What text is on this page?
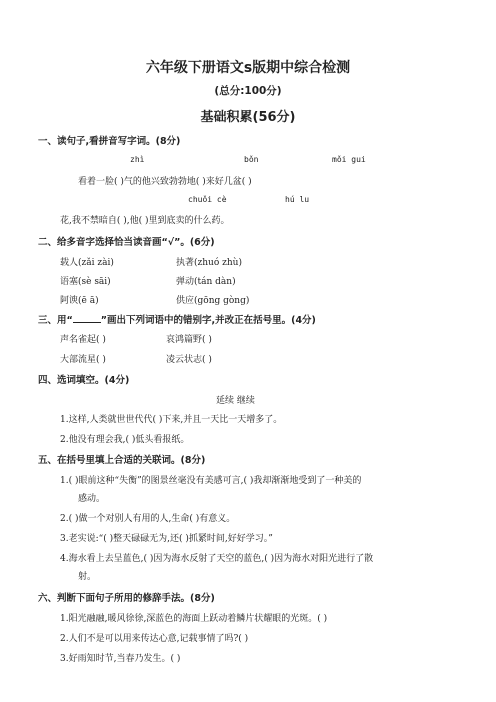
六年级下册语文s版期中综合检测
(总分:100分)
基础积累(56分)
一、读句子,看拼音写字词。(8分)
zhì	bǒn	mǒi gui
看着一脸( )气的他兴致勃勃地( )来好几盆( )
chuǒi cè	hú lu
花,我不禁暗自( ),他( )里到底卖的什么药。
二、给多音字选择恰当读音画“√”。(6分)
载人(zǎi zài)	执著(zhuó zhù)
语塞(sè sāi)	弹动(tán dàn)
阿谀(ē ā)	供应(gōng gòng)
三、用“	”画出下列词语中的错别字,并改正在括号里。(4分)
声名雀起( )	哀鸿篇野( )
大部流星( )	凌云状志( )
四、选词填空。(4分)
延续 继续
1.这样,人类就世世代代( )下来,并且一天比一天增多了。
2.他没有理会我,( )低头看报纸。
五、在括号里填上合适的关联词。(8分)
1.( )眼前这种“失衡”的图景丝毫没有美感可言,( )我却渐渐地受到了一种美的
感动。
2.( )做一个对别人有用的人,生命( )有意义。
3.老实说:“( )整天碌碌无为,还( )抓紧时间,好好学习。”
4.海水看上去呈蓝色,( )因为海水反射了天空的蓝色,( )因为海水对阳光进行了散
射。
六、判断下面句子所用的修辞手法。(8分)
1.阳光融融,暖风徐徐,深蓝色的海面上跃动着鳞片状耀眼的光斑。( )
2.人们不是可以用来传达心意,记载事情了吗?( )
3.好雨知时节,当春乃发生。( )
